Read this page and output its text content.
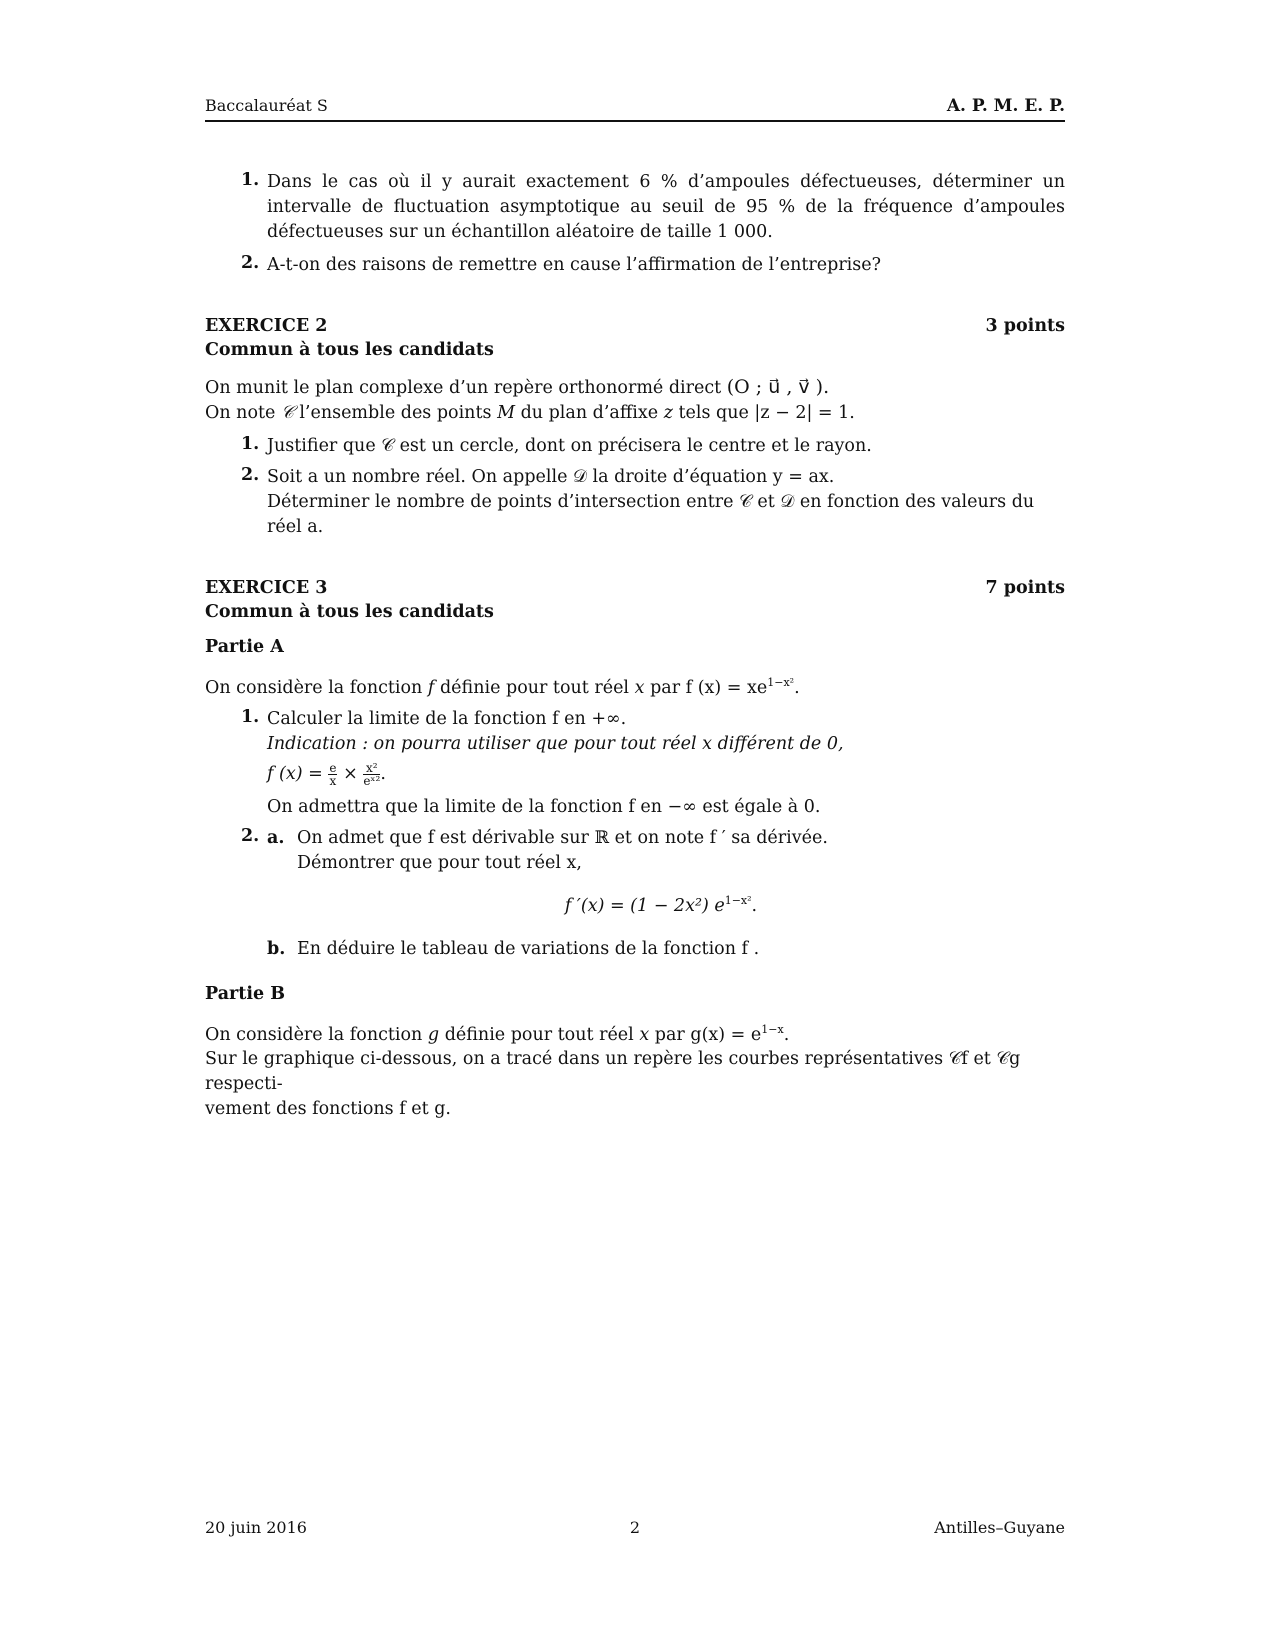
Baccalauréat S	A. P. M. E. P.
1. Dans le cas où il y aurait exactement 6 % d’ampoules défectueuses, déterminer un intervalle de fluctuation asymptotique au seuil de 95 % de la fréquence d’ampoules défectueuses sur un échantillon aléatoire de taille 1 000.
2. A-t-on des raisons de remettre en cause l’affirmation de l’entreprise?
EXERCICE 2	3 points
Commun à tous les candidats
On munit le plan complexe d’un repère orthonormé direct (O ; u⃗ , v⃗ ).
On note 𝒞 l’ensemble des points M du plan d’affixe z tels que |z − 2| = 1.
1. Justifier que 𝒞 est un cercle, dont on précisera le centre et le rayon.
2. Soit a un nombre réel. On appelle 𝒟 la droite d’équation y = ax.
Déterminer le nombre de points d’intersection entre 𝒞 et 𝒟 en fonction des valeurs du réel a.
EXERCICE 3	7 points
Commun à tous les candidats
Partie A
On considère la fonction f définie pour tout réel x par f $(x) = xe^{1-x^2}$.
1. Calculer la limite de la fonction f en +∞.
Indication : on pourra utiliser que pour tout réel x différent de 0,
f $(x) = \frac{e}{x} \times \frac{\text{x²}}{\text{eˣ²}}$ .
On admettra que la limite de la fonction f en −∞ est égale à 0.
2. a. On admet que f est dérivable sur ℝ et on note f ′ sa dérivée.
Démontrer que pour tout réel x,
f ′(x) = (1 − 2x²) $e^{1-x^2}$.
b. En déduire le tableau de variations de la fonction f .
Partie B
On considère la fonction g définie pour tout réel x par $g(x) = e^{1-x}$.
Sur le graphique ci-dessous, on a tracé dans un repère les courbes représentatives 𝒞f et 𝒞g respecti-
vement des fonctions f et g.
20 juin 2016	2	Antilles–Guyane
